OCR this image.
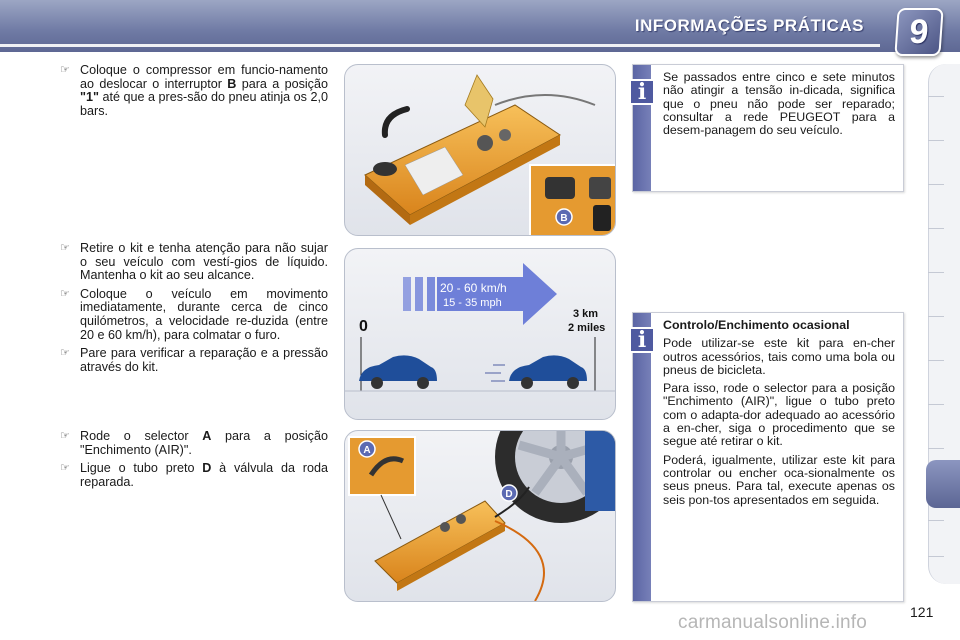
INFORMAÇÕES PRÁTICAS	9
☞ Coloque o compressor em funcio-namento ao deslocar o interruptor B para a posição "1" até que a pres-são do pneu atinja os 2,0 bars.
☞ Retire o kit e tenha atenção para não sujar o seu veículo com vestí-gios de líquido. Mantenha o kit ao seu alcance.
☞ Coloque o veículo em movimento imediatamente, durante cerca de cinco quilómetros, a velocidade re-duzida (entre 20 e 60 km/h), para colmatar o furo.
☞ Pare para verificar a reparação e a pressão através do kit.
☞ Rode o selector A para a posição "Enchimento (AIR)".
☞ Ligue o tubo preto D à válvula da roda reparada.
B
20 - 60 km/h
15 - 35 mph
0
3 km
2 miles
A
D
i

Se passados entre cinco e sete minutos não atingir a tensão in-dicada, significa que o pneu não pode ser reparado; consultar a rede PEUGEOT para a desem-panagem do seu veículo.

i

Controlo/Enchimento ocasional

Pode utilizar-se este kit para en-cher outros acessórios, tais como uma bola ou pneus de bicicleta.

Para isso, rode o selector para a posição "Enchimento (AIR)", ligue o tubo preto com o adapta-dor adequado ao acessório a en-cher, siga o procedimento que se segue até retirar o kit.

Poderá, igualmente, utilizar este kit para controlar ou encher oca-sionalmente os seus pneus. Para tal, execute apenas os seis pon-tos apresentados em seguida.

121
carmanualsonline.info
